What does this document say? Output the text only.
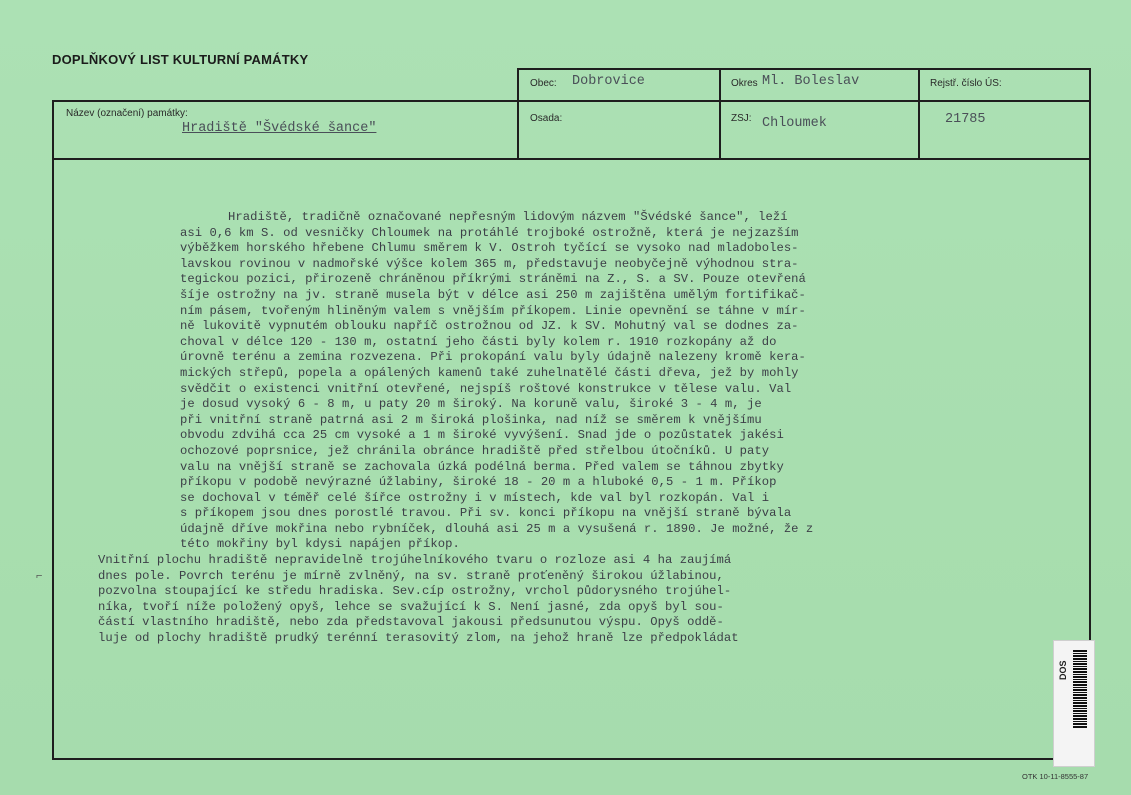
DOPLŇKOVÝ LIST KULTURNÍ PAMÁTKY
Obec: Dobrovice	Okres Ml. Boleslav	Rejstř. číslo ÚS:
Název (označení) památky:
Hradiště "Švédské šance"
Osada:	ZSJ: Chloumek	21785
Hradiště, tradičně označované nepřesným lidovým názvem "Švédské šance", leží
asi 0,6 km S. od vesničky Chloumek na protáhlé trojboké ostrožně, která je nejzazším
výběžkem horského hřebene Chlumu směrem k V. Ostroh tyčící se vysoko nad mladoboles-
lavskou rovinou v nadmořské výšce kolem 365 m, představuje neobyčejně výhodnou stra-
tegickou pozici, přirozeně chráněnou příkrými stráněmi na Z., S. a SV. Pouze otevřená
šíje ostrožny na jv. straně musela být v délce asi 250 m zajištěna umělým fortifikač-
ním pásem, tvořeným hliněným valem s vnějším příkopem. Linie opevnění se táhne v mír-
ně lukovitě vypnutém oblouku napříč ostrožnou od JZ. k SV. Mohutný val se dodnes za-
choval v délce 120 - 130 m, ostatní jeho části byly kolem r. 1910 rozkopány až do
úrovně terénu a zemina rozvezena. Při prokopání valu byly údajně nalezeny kromě kera-
mických střepů, popela a opálených kamenů také zuhelnatělé části dřeva, jež by mohly
svědčit o existenci vnitřní otevřené, nejspíš roštové konstrukce v tělese valu. Val
je dosud vysoký 6 - 8 m, u paty 20 m široký. Na koruně valu, široké 3 - 4 m, je
při vnitřní straně patrná asi 2 m široká plošinka, nad níž se směrem k vnějšímu
obvodu zdvihá cca 25 cm vysoké a 1 m široké vyvýšení. Snad jde o pozůstatek jakési
ochozové poprsnice, jež chránila obránce hradiště před střelbou útočníků. U paty
valu na vnější straně se zachovala úzká podélná berma. Před valem se táhnou zbytky
příkopu v podobě nevýrazné úžlabiny, široké 18 - 20 m a hluboké 0,5 - 1 m. Příkop
se dochoval v téměř celé šířce ostrožny i v místech, kde val byl rozkopán. Val i
s příkopem jsou dnes porostlé travou. Při sv. konci příkopu na vnější straně bývala
údajně dříve mokřina nebo rybníček, dlouhá asi 25 m a vysušená r. 1890. Je možné, že z
této mokřiny byl kdysi napájen příkop.
Vnitřní plochu hradiště nepravidelně trojúhelníkového tvaru o rozloze asi 4 ha zaujímá
dnes pole. Povrch terénu je mírně zvlněný, na sv. straně proťeněný širokou úžlabinou,
pozvolna stoupající ke středu hradiska. Sev.cíp ostrožny, vrchol půdorysného trojúhel-
níka, tvoří níže položený opyš, lehce se svažující k S. Není jasné, zda opyš byl sou-
částí vlastního hradiště, nebo zda představoval jakousi předsunutou výspu. Opyš oddě-
luje od plochy hradiště prudký terénní terasovitý zlom, na jehož hraně lze předpokládat
⌐
DOS
OTK 10-11-8555-87
